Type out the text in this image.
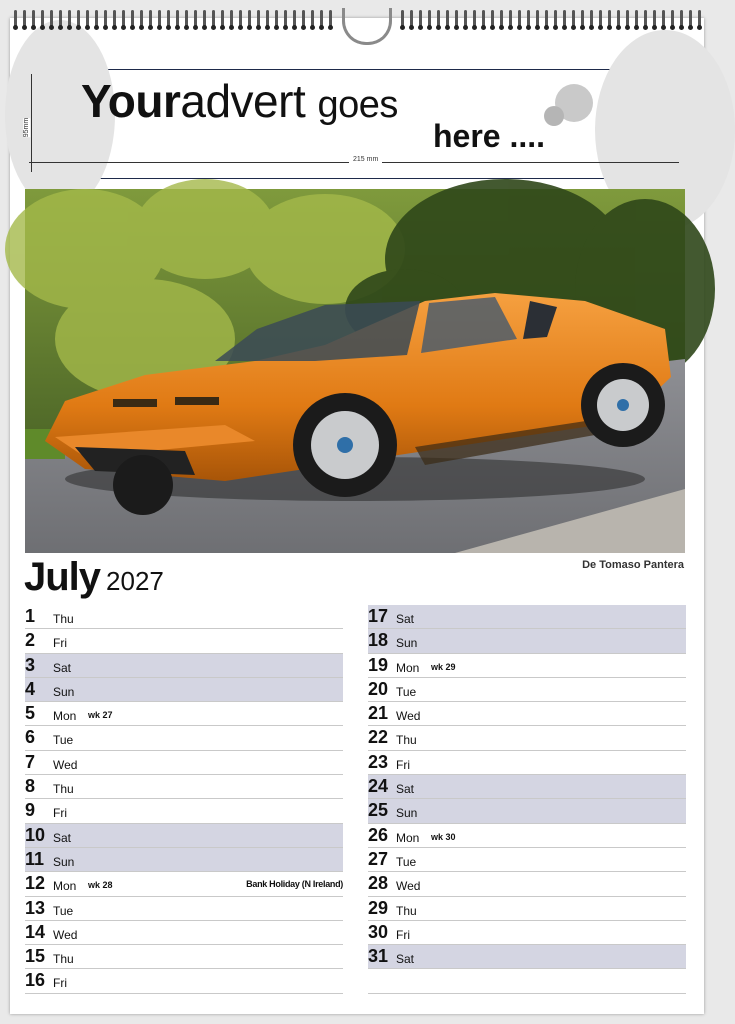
Youradvert goes
here ....
95mm
215 mm
De Tomaso Pantera
July 2027
1 Thu
2 Fri
3 Sat
4 Sun
5 Mon wk 27
6 Tue
7 Wed
8 Thu
9 Fri
10 Sat
11 Sun
12 Mon wk 28	Bank Holiday (N Ireland)
13 Tue
14 Wed
15 Thu
16 Fri
17 Sat
18 Sun
19 Mon wk 29
20 Tue
21 Wed
22 Thu
23 Fri
24 Sat
25 Sun
26 Mon wk 30
27 Tue
28 Wed
29 Thu
30 Fri
31 Sat
